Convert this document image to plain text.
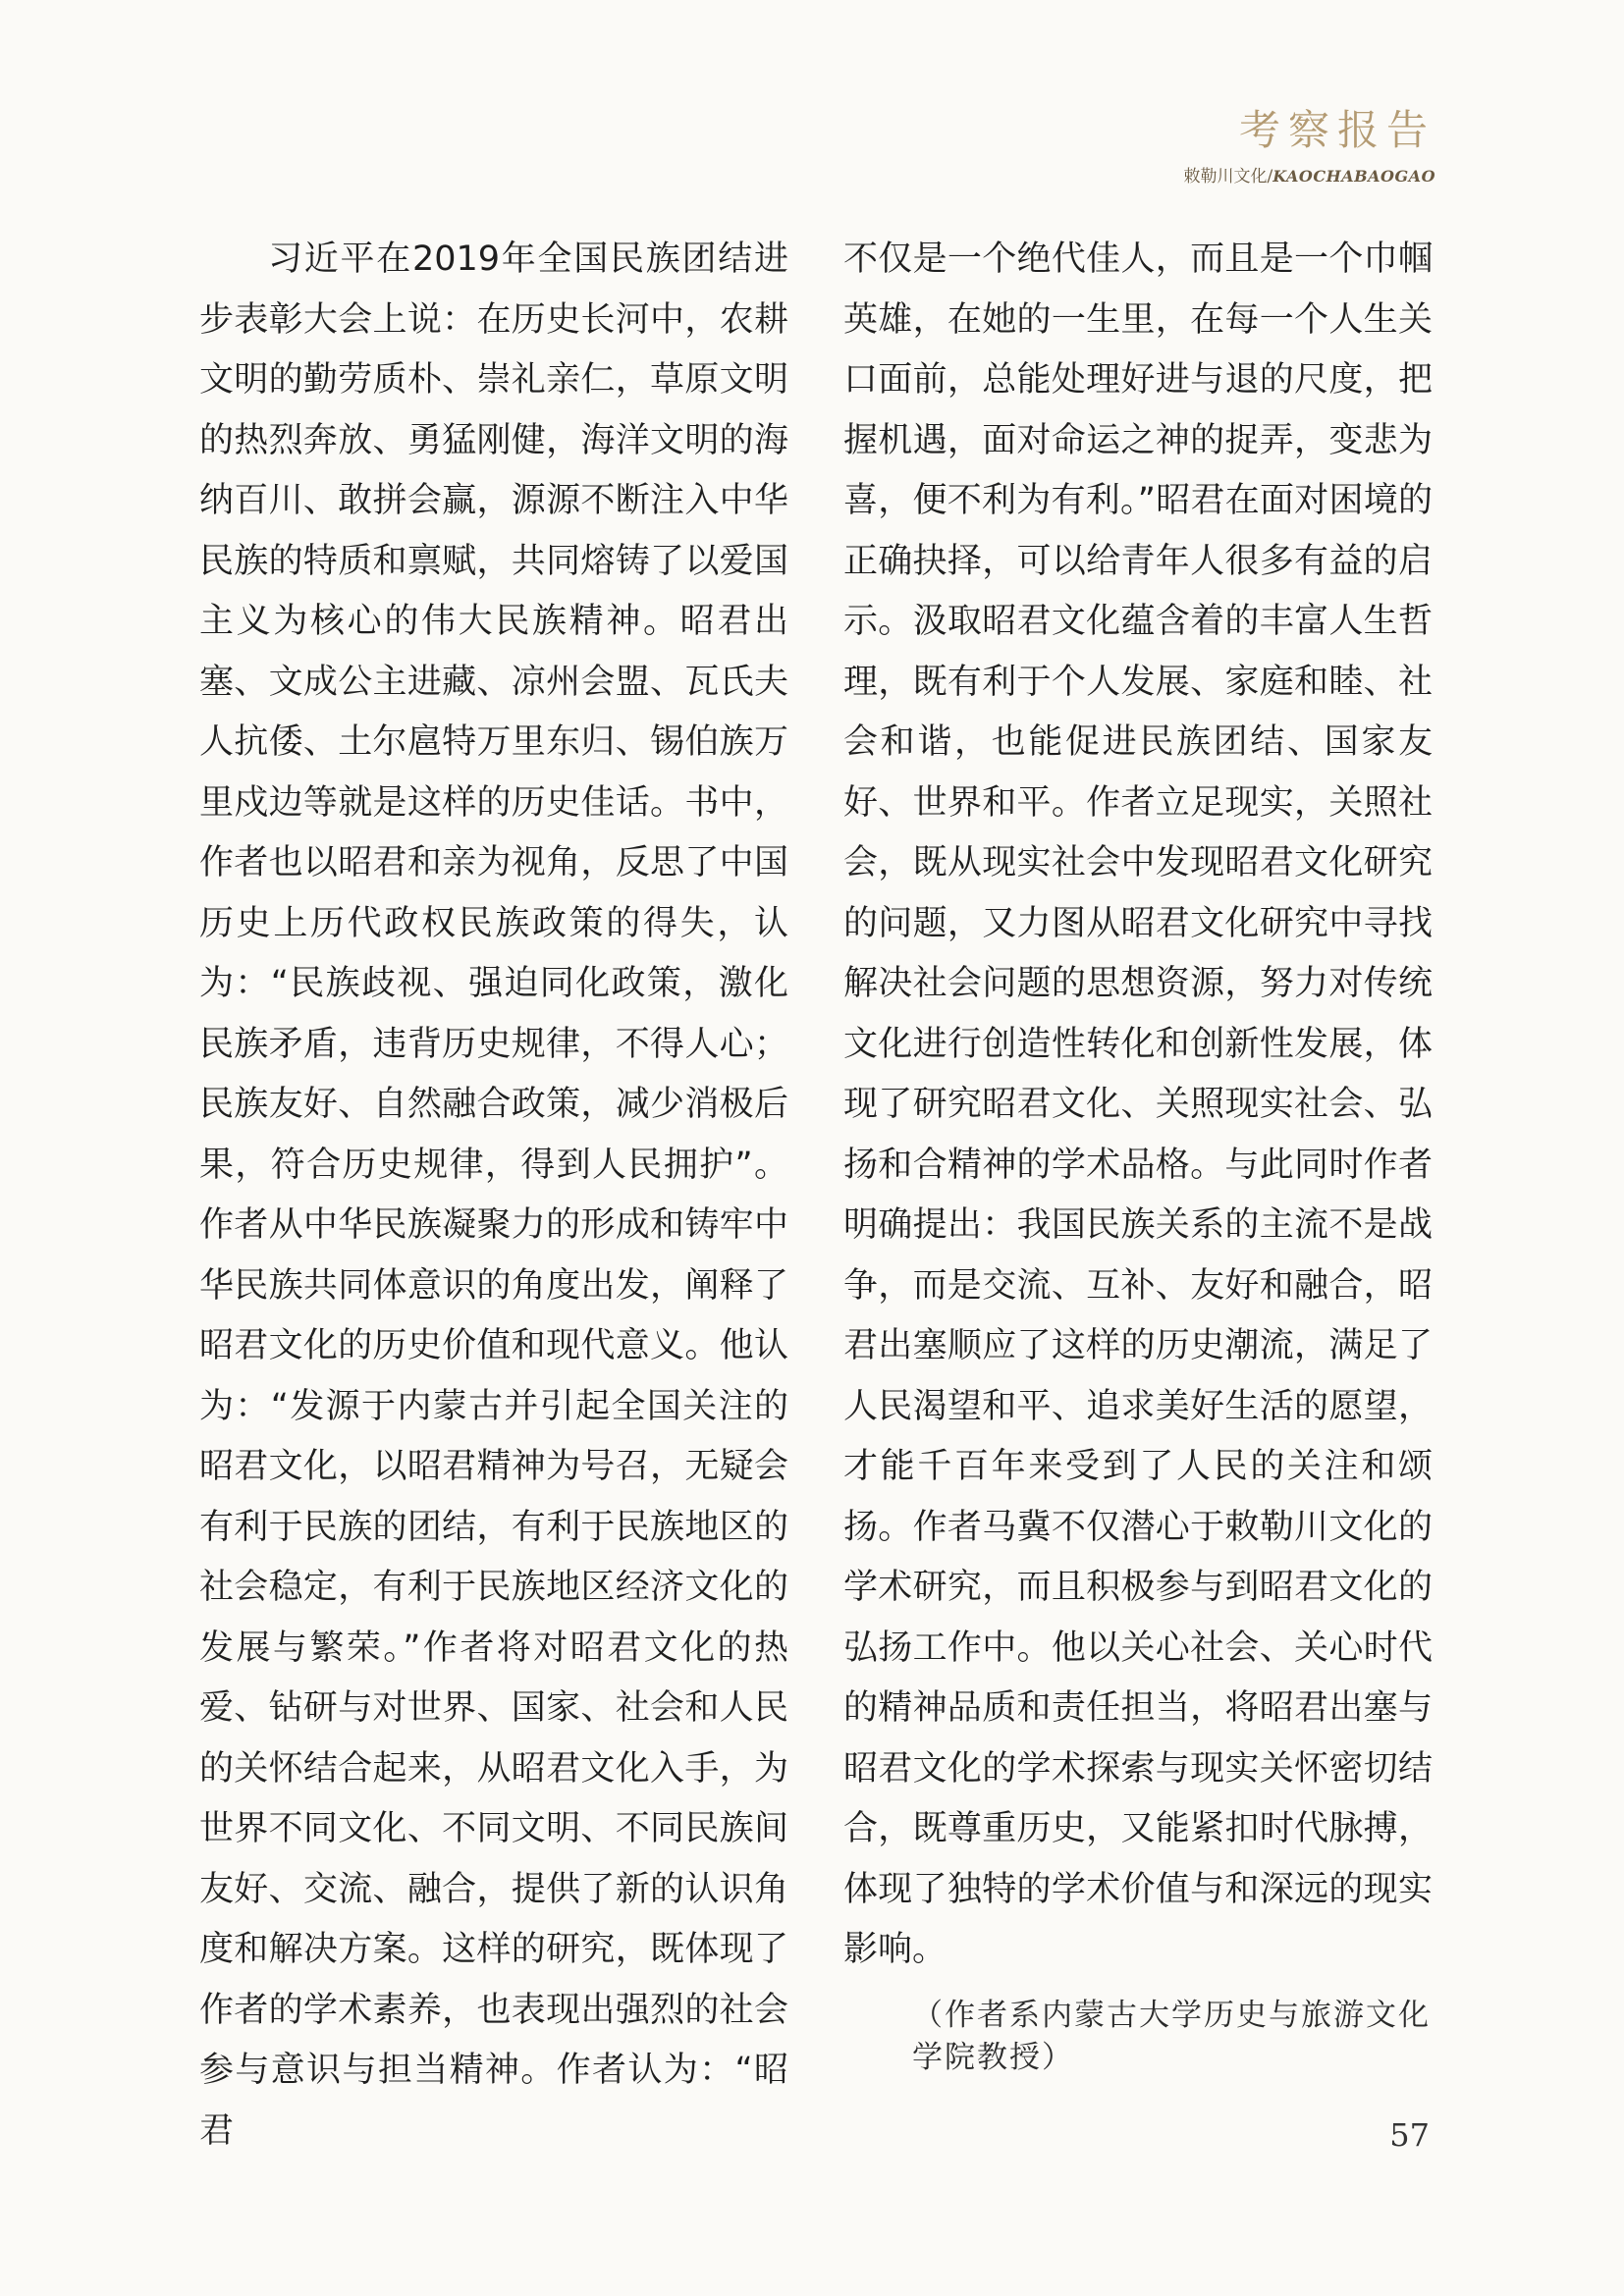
考察报告
敕勒川文化/KAOCHABAOGAO

习近平在2019年全国民族团结进步表彰大会上说：在历史长河中，农耕文明的勤劳质朴、崇礼亲仁，草原文明的热烈奔放、勇猛刚健，海洋文明的海纳百川、敢拼会赢，源源不断注入中华民族的特质和禀赋，共同熔铸了以爱国主义为核心的伟大民族精神。昭君出塞、文成公主进藏、凉州会盟、瓦氏夫人抗倭、土尔扈特万里东归、锡伯族万里戍边等就是这样的历史佳话。书中，作者也以昭君和亲为视角，反思了中国历史上历代政权民族政策的得失，认为：“民族歧视、强迫同化政策，激化民族矛盾，违背历史规律，不得人心；民族友好、自然融合政策，减少消极后果，符合历史规律，得到人民拥护”。作者从中华民族凝聚力的形成和铸牢中华民族共同体意识的角度出发，阐释了昭君文化的历史价值和现代意义。他认为：“发源于内蒙古并引起全国关注的昭君文化，以昭君精神为号召，无疑会有利于民族的团结，有利于民族地区的社会稳定，有利于民族地区经济文化的发展与繁荣。”作者将对昭君文化的热爱、钻研与对世界、国家、社会和人民的关怀结合起来，从昭君文化入手，为世界不同文化、不同文明、不同民族间友好、交流、融合，提供了新的认识角度和解决方案。这样的研究，既体现了作者的学术素养，也表现出强烈的社会参与意识与担当精神。作者认为：“昭君

不仅是一个绝代佳人，而且是一个巾帼英雄，在她的一生里，在每一个人生关口面前，总能处理好进与退的尺度，把握机遇，面对命运之神的捉弄，变悲为喜，便不利为有利。”昭君在面对困境的正确抉择，可以给青年人很多有益的启示。汲取昭君文化蕴含着的丰富人生哲理，既有利于个人发展、家庭和睦、社会和谐，也能促进民族团结、国家友好、世界和平。作者立足现实，关照社会，既从现实社会中发现昭君文化研究的问题，又力图从昭君文化研究中寻找解决社会问题的思想资源，努力对传统文化进行创造性转化和创新性发展，体现了研究昭君文化、关照现实社会、弘扬和合精神的学术品格。与此同时作者明确提出：我国民族关系的主流不是战争，而是交流、互补、友好和融合，昭君出塞顺应了这样的历史潮流，满足了人民渴望和平、追求美好生活的愿望，才能千百年来受到了人民的关注和颂扬。作者马冀不仅潜心于敕勒川文化的学术研究，而且积极参与到昭君文化的弘扬工作中。他以关心社会、关心时代的精神品质和责任担当，将昭君出塞与昭君文化的学术探索与现实关怀密切结合，既尊重历史，又能紧扣时代脉搏，体现了独特的学术价值与和深远的现实影响。

（作者系内蒙古大学历史与旅游文化学院教授）

57
